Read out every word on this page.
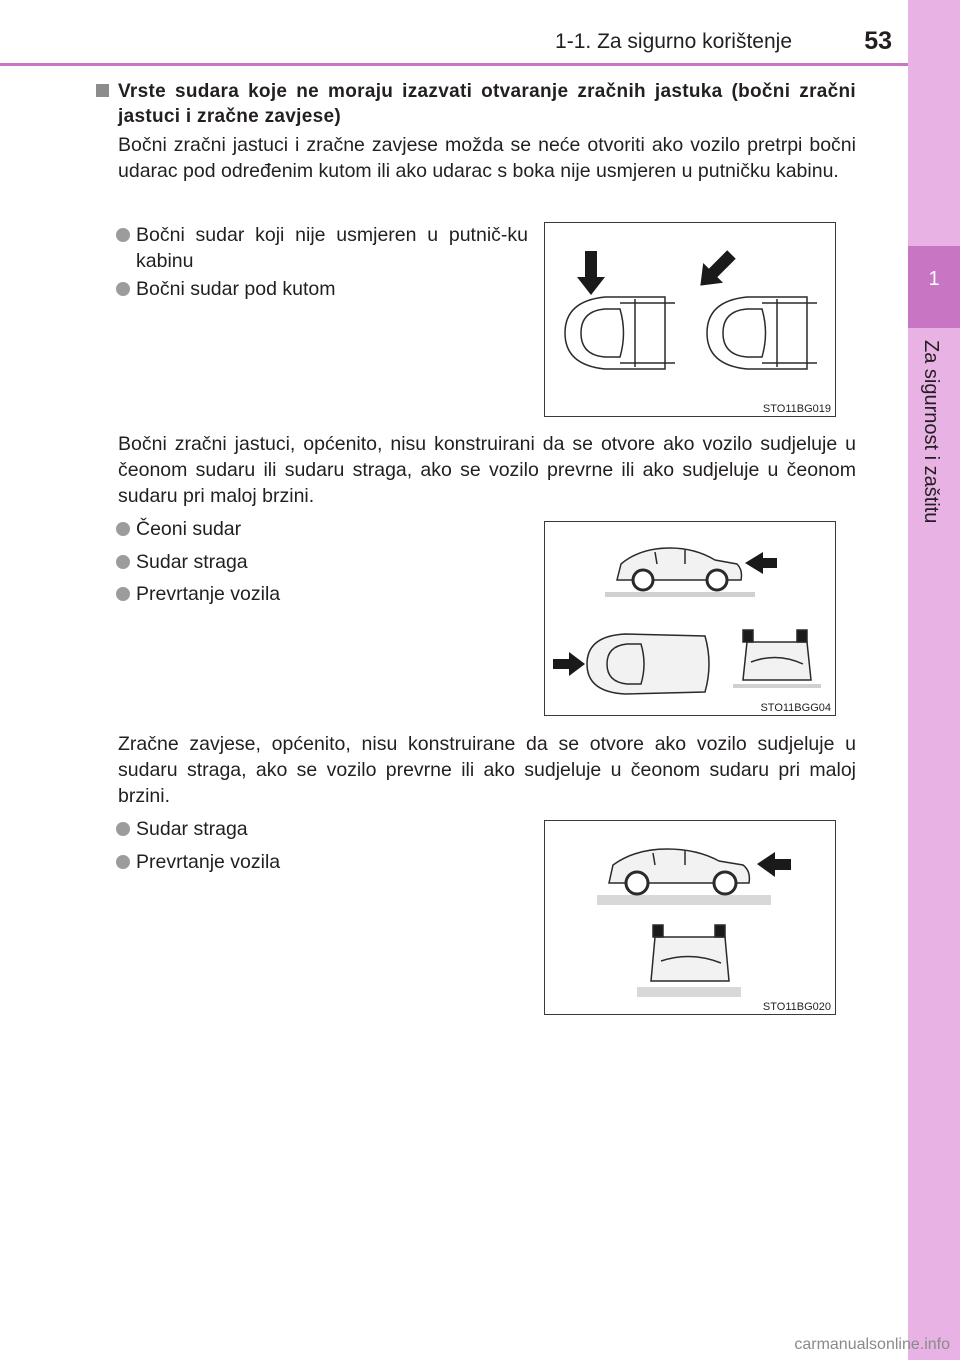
1-1. Za sigurno korištenje	53
1
Za sigurnost i zaštitu
Vrste sudara koje ne moraju izazvati otvaranje zračnih jastuka (bočni zračni jastuci i zračne zavjese)
Bočni zračni jastuci i zračne zavjese možda se neće otvoriti ako vozilo pretrpi bočni udarac pod određenim kutom ili ako udarac s boka nije usmjeren u putničku kabinu.
Bočni sudar koji nije usmjeren u putnič-ku kabinu
Bočni sudar pod kutom
STO11BG019
Bočni zračni jastuci, općenito, nisu konstruirani da se otvore ako vozilo sudjeluje u čeonom sudaru ili sudaru straga, ako se vozilo prevrne ili ako sudjeluje u čeonom sudaru pri maloj brzini.
Čeoni sudar
Sudar straga
Prevrtanje vozila
STO11BGG04
Zračne zavjese, općenito, nisu konstruirane da se otvore ako vozilo sudjeluje u sudaru straga, ako se vozilo prevrne ili ako sudjeluje u čeonom sudaru pri maloj brzini.
Sudar straga
Prevrtanje vozila
STO11BG020
carmanualsonline.info
